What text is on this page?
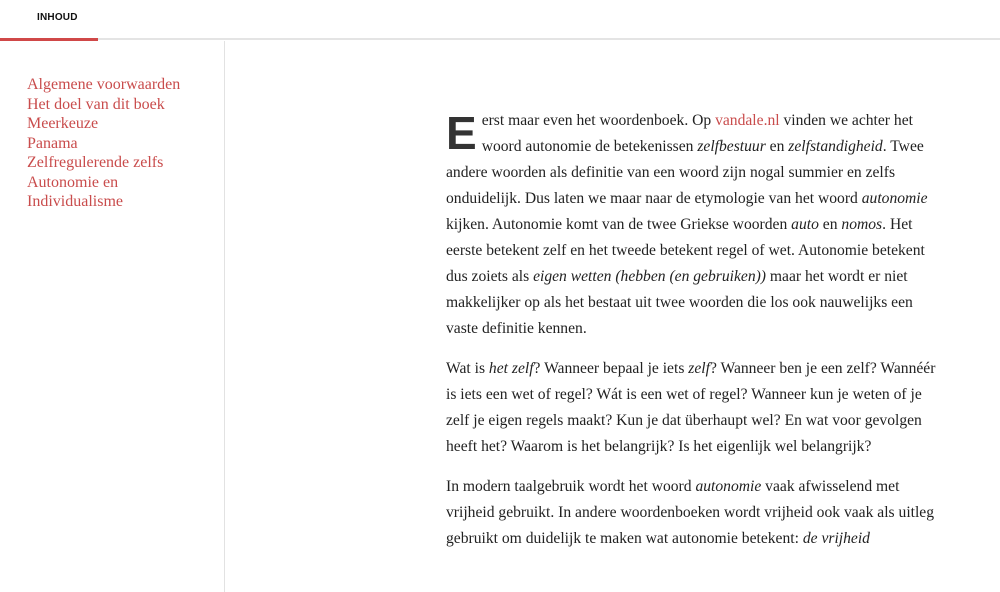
INHOUD
Algemene voorwaarden
Het doel van dit boek
Meerkeuze
Panama
Zelfregulerende zelfs
Autonomie en
Individualisme

Eerst maar even het woordenboek. Op vandale.nl vinden we achter het woord autonomie de betekenissen zelfbestuur en zelfstandigheid. Twee andere woorden als definitie van een woord zijn nogal summier en zelfs onduidelijk. Dus laten we maar naar de etymologie van het woord autonomie kijken. Autonomie komt van de twee Griekse woorden auto en nomos. Het eerste betekent zelf en het tweede betekent regel of wet. Autonomie betekent dus zoiets als eigen wetten (hebben (en gebruiken)) maar het wordt er niet makkelijker op als het bestaat uit twee woorden die los ook nauwelijks een vaste definitie kennen.

Wat is het zelf? Wanneer bepaal je iets zelf? Wanneer ben je een zelf? Wannéér is iets een wet of regel? Wát is een wet of regel? Wanneer kun je weten of je zelf je eigen regels maakt? Kun je dat überhaupt wel? En wat voor gevolgen heeft het? Waarom is het belangrijk? Is het eigenlijk wel belangrijk?

In modern taalgebruik wordt het woord autonomie vaak afwisselend met vrijheid gebruikt. In andere woordenboeken wordt vrijheid ook vaak als uitleg gebruikt om duidelijk te maken wat autonomie betekent: de vrijheid
